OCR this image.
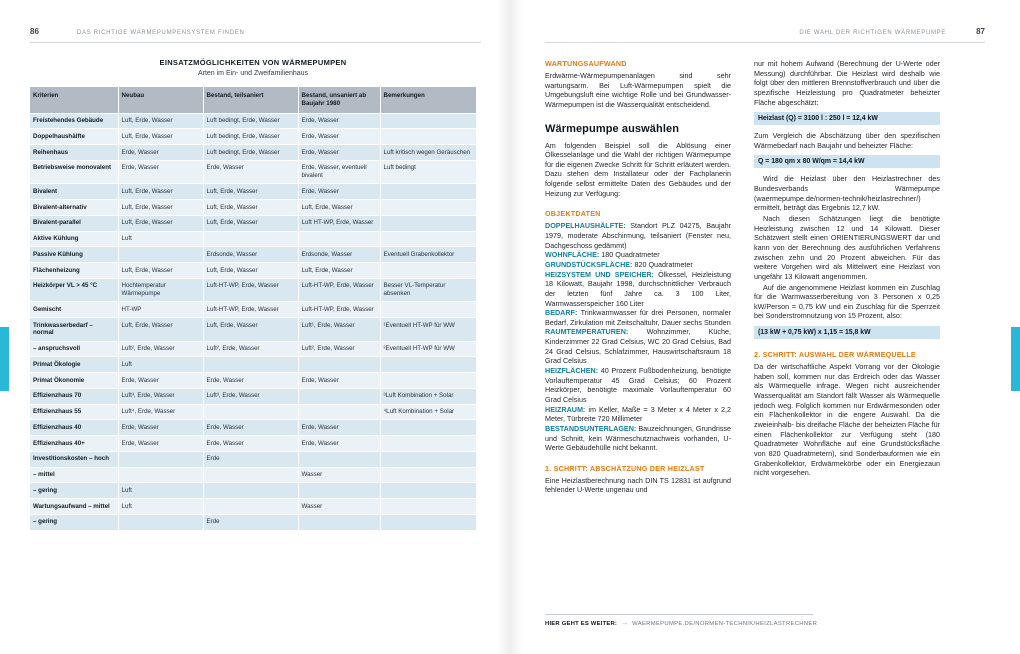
86	DAS RICHTIGE WÄRMEPUMPENSYSTEM FINDEN
EINSATZMÖGLICHKEITEN VON WÄRMEPUMPEN
Arten im Ein- und Zweifamilienhaus
Kriterien	Neubau	Bestand, teilsaniert	Bestand, unsaniert ab Baujahr 1980	Bemerkungen
Freistehendes Gebäude	Luft, Erde, Wasser	Luft bedingt, Erde, Wasser	Erde, Wasser	
Doppelhaushälfte	Luft, Erde, Wasser	Luft bedingt, Erde, Wasser	Erde, Wasser	
Reihenhaus	Erde, Wasser	Luft bedingt, Erde, Wasser	Erde, Wasser	Luft kritisch wegen Geräuschen
Betriebsweise monovalent	Erde, Wasser	Erde, Wasser	Erde, Wasser, eventuell bivalent	Luft bedingt
Bivalent	Luft, Erde, Wasser	Luft, Erde, Wasser	Erde, Wasser	
Bivalent-alternativ	Luft, Erde, Wasser	Luft, Erde, Wasser	Luft, Erde, Wasser	
Bivalent-parallel	Luft, Erde, Wasser	Luft, Erde, Wasser	Luft HT-WP, Erde, Wasser	
Aktive Kühlung	Luft			
Passive Kühlung		Erdsonde, Wasser	Erdsonde, Wasser	Eventuell Grabenkollektor
Flächenheizung	Luft, Erde, Wasser	Luft, Erde, Wasser	Luft, Erde, Wasser	
Heizkörper VL > 45 °C	Hochtemperatur Wärmepumpe	Luft-HT-WP, Erde, Wasser	Luft-HT-WP, Erde, Wasser	Besser VL-Temperatur absenken
Gemischt	HT-WP	Luft-HT-WP, Erde, Wasser	Luft-HT-WP, Erde, Wasser	
Trinkwasserbedarf – normal	Luft, Erde, Wasser	Luft, Erde, Wasser	Luft¹, Erde, Wasser	¹Eventuell HT-WP für WW
– anspruchsvoll	Luft², Erde, Wasser	Luft², Erde, Wasser	Luft², Erde, Wasser	²Eventuell HT-WP für WW
Primat Ökologie	Luft			
Primat Ökonomie	Erde, Wasser	Erde, Wasser	Erde, Wasser	
Effizienzhaus 70	Luft³, Erde, Wasser	Luft³, Erde, Wasser		³Luft Kombination + Solar
Effizienzhaus 55	Luft⁴, Erde, Wasser			⁴Luft Kombination + Solar
Effizienzhaus 40	Erde, Wasser	Erde, Wasser	Erde, Wasser	
Effizienzhaus 40+	Erde, Wasser	Erde, Wasser	Erde, Wasser	
Investitionskosten – hoch		Erde		
– mittel			Wasser	
– gering	Luft			
Wartungsaufwand – mittel	Luft		Wasser	
– gering		Erde		
DIE WAHL DER RICHTIGEN WÄRMEPUMPE	87
WARTUNGSAUFWAND

Erdwärme-Wärmepumpenanlagen sind sehr wartungsarm. Bei Luft-Wärmepumpen spielt die Umgebungsluft eine wichtige Rolle und bei Grundwasser-Wärmepumpen ist die Wasserqualität entscheidend.

Wärmepumpe auswählen

Am folgenden Beispiel soll die Ablösung einer Ölkesselanlage und die Wahl der richtigen Wärmepumpe für die eigenen Zwecke Schritt für Schritt erläutert werden. Dazu stehen dem Installateur oder der Fachplanerin folgende selbst ermittelte Daten des Gebäudes und der Heizung zur Verfügung:

OBJEKTDATEN
DOPPELHAUSHÄLFTE: Standort PLZ 04275, Baujahr 1979, moderate Abschirmung, teilsaniert (Fenster neu, Dachgeschoss gedämmt)
WOHNFLÄCHE: 180 Quadratmeter
GRUNDSTÜCKSFLÄCHE: 820 Quadratmeter
HEIZSYSTEM UND SPEICHER: Ölkessel, Heizleistung 18 Kilowatt, Baujahr 1998, durchschnittlicher Verbrauch der letzten fünf Jahre ca. 3 100 Liter, Warmwasserspeicher 160 Liter
BEDARF: Trinkwarmwasser für drei Personen, normaler Bedarf, Zirkulation mit Zeitschaltuhr, Dauer sechs Stunden
RAUMTEMPERATUREN: Wohnzimmer, Küche, Kinderzimmer 22 Grad Celsius, WC 20 Grad Celsius, Bad 24 Grad Celsius, Schlafzimmer, Hauswirtschaftsraum 18 Grad Celsius
HEIZFLÄCHEN: 40 Prozent Fußbodenheizung, benötigte Vorlauftemperatur 45 Grad Celsius; 60 Prozent Heizkörper, benötigte maximale Vorlauftemperatur 60 Grad Celsius
HEIZRAUM: im Keller, Maße = 3 Meter x 4 Meter x 2,2 Meter, Türbreite 720 Millimeter
BESTANDSUNTERLAGEN: Bauzeichnungen, Grundrisse und Schnitt, kein Wärmeschutznachweis vorhanden, U-Werte Gebäudehülle nicht bekannt.
1. SCHRITT: ABSCHÄTZUNG DER HEIZLAST

Eine Heizlastberechnung nach DIN TS 12831 ist aufgrund fehlender U-Werte ungenau und

nur mit hohem Aufwand (Berechnung der U-Werte oder Messung) durchführbar. Die Heizlast wird deshalb wie folgt über den mittleren Brennstoffverbrauch und über die spezifische Heizleistung pro Quadratmeter beheizter Fläche abgeschätzt:

Heizlast (Q) = 3100 l : 250 l = 12,4 kW

Zum Vergleich die Abschätzung über den spezifischen Wärmebedarf nach Baujahr und beheizter Fläche:

Q = 180 qm x 80 W/qm = 14,4 kW

Wird die Heizlast über den Heizlastrechner des Bundesverbands Wärmepumpe (waermepumpe.de/normen-technik/heizlastrechner/) ermittelt, beträgt das Ergebnis 12,7 kW.

Nach diesen Schätzungen liegt die benötigte Heizleistung zwischen 12 und 14 Kilowatt. Dieser Schätzwert stellt einen ORIENTIERUNGSWERT dar und kann von der Berechnung des ausführlichen Verfahrens zwischen zehn und 20 Prozent abweichen. Für das weitere Vorgehen wird als Mittelwert eine Heizlast von ungefähr 13 Kilowatt angenommen.

Auf die angenommene Heizlast kommen ein Zuschlag für die Warmwasserbereitung von 3 Personen x 0,25 kW/Person = 0,75 kW und ein Zuschlag für die Sperrzeit bei Sonderstromnutzung von 15 Prozent, also:

(13 kW + 0,75 kW) x 1,15 = 15,8 kW
2. SCHRITT: AUSWAHL DER WÄRMEQUELLE

Da der wirtschaftliche Aspekt Vorrang vor der Ökologie haben soll, kommen nur das Erdreich oder das Wasser als Wärmequelle infrage. Wegen nicht ausreichender Wasserqualität am Standort fällt Wasser als Wärmequelle jedoch weg. Folglich kommen nur Erdwärmesonden oder ein Flächenkollektor in die engere Auswahl. Da die zweieinhalb- bis dreifache Fläche der beheizten Fläche für einen Flächenkollektor zur Verfügung steht (180 Quadratmeter Wohnfläche auf eine Grundstücksfläche von 820 Quadratmetern), sind Sonderbauformen wie ein Grabenkollektor, Erdwärmekörbe oder ein Energiezaun nicht vorgesehen.

HIER GEHT ES WEITER: → WAERMEPUMPE.DE/NORMEN-TECHNIK/HEIZLASTRECHNER
